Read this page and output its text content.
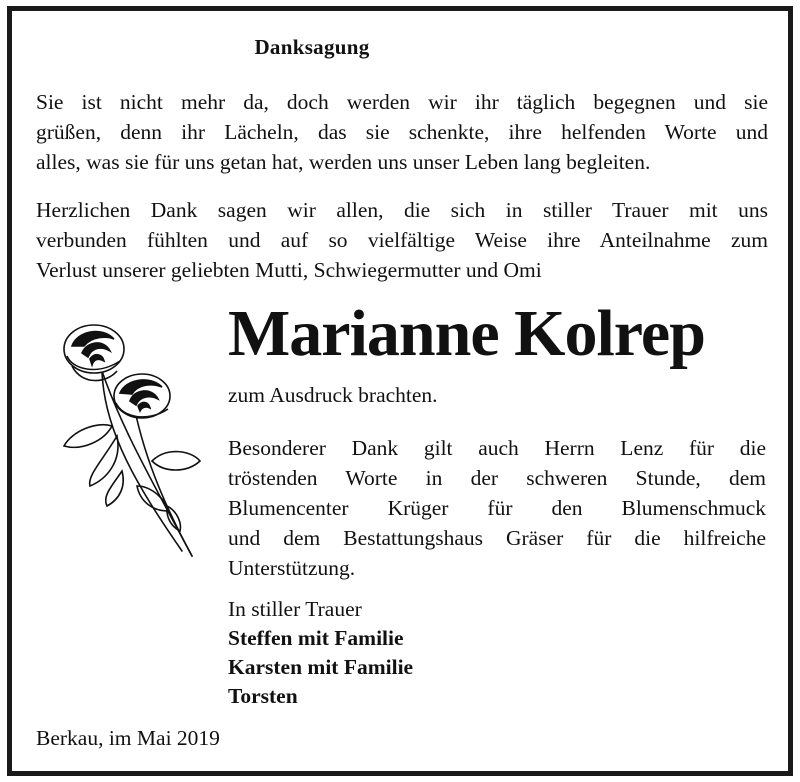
Danksagung
Sie ist nicht mehr da, doch werden wir ihr täglich begegnen und sie
grüßen, denn ihr Lächeln, das sie schenkte, ihre helfenden Worte und
alles, was sie für uns getan hat, werden uns unser Leben lang begleiten.
Herzlichen Dank sagen wir allen, die sich in stiller Trauer mit uns
verbunden fühlten und auf so vielfältige Weise ihre Anteilnahme zum
Verlust unserer geliebten Mutti, Schwiegermutter und Omi
Marianne Kolrep
zum Ausdruck brachten.
Besonderer Dank gilt auch Herrn Lenz für die
tröstenden Worte in der schweren Stunde, dem
Blumencenter Krüger für den Blumenschmuck
und dem Bestattungshaus Gräser für die hilfreiche
Unterstützung.
In stiller Trauer
Steffen mit Familie
Karsten mit Familie
Torsten
Berkau, im Mai 2019
